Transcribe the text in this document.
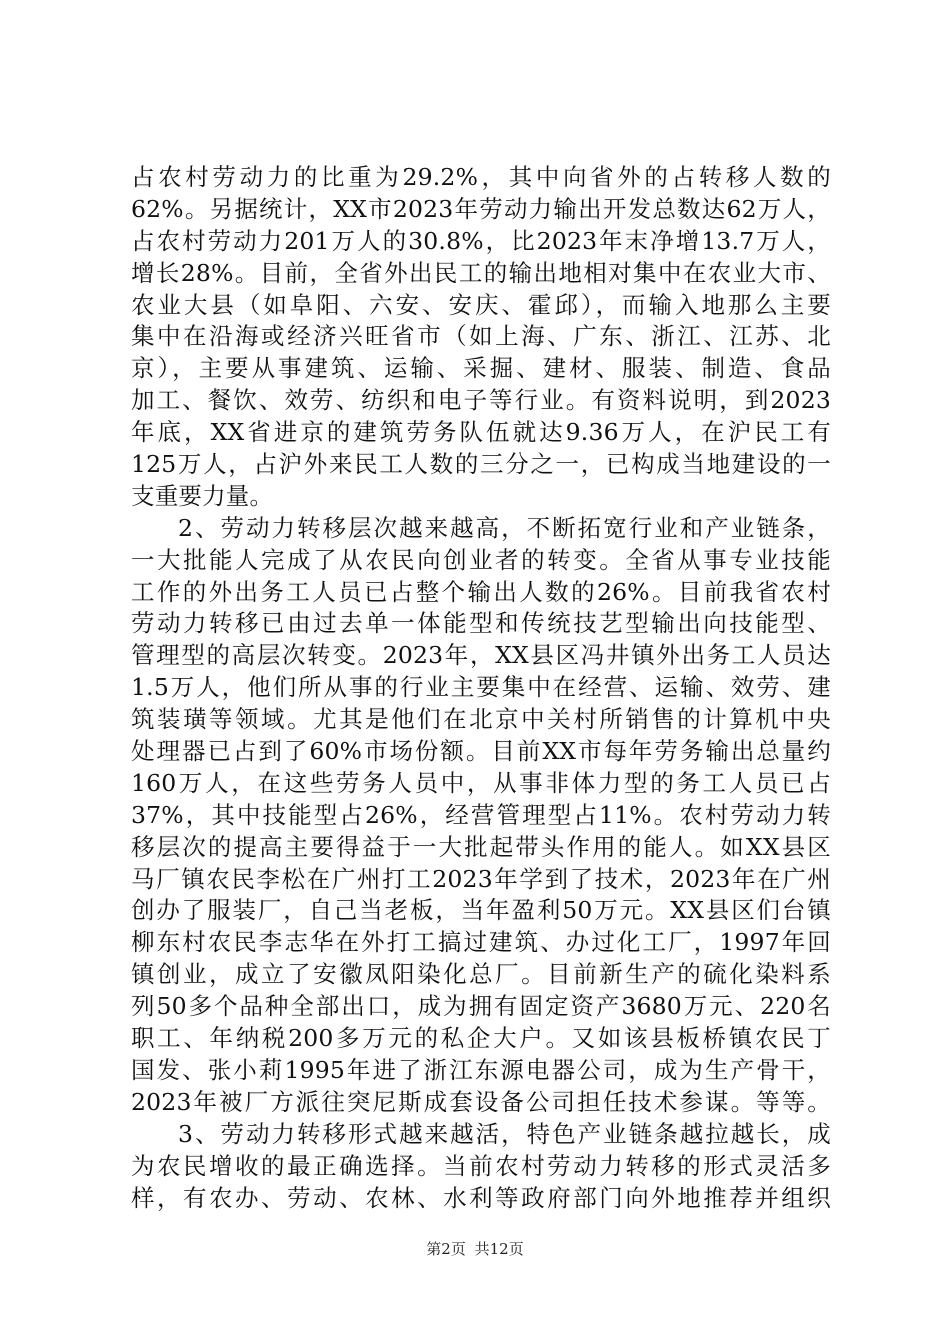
占农村劳动力的比重为29.2%，其中向省外的占转移人数的
62%。另据统计，XX市2023年劳动力输出开发总数达62万人，
占农村劳动力201万人的30.8%，比2023年末净增13.7万人，
增长28%。目前，全省外出民工的输出地相对集中在农业大市、
农业大县（如阜阳、六安、安庆、霍邱），而输入地那么主要
集中在沿海或经济兴旺省市（如上海、广东、浙江、江苏、北
京），主要从事建筑、运输、采掘、建材、服装、制造、食品
加工、餐饮、效劳、纺织和电子等行业。有资料说明，到2023
年底，XX省进京的建筑劳务队伍就达9.36万人，在沪民工有
125万人，占沪外来民工人数的三分之一，已构成当地建设的一
支重要力量。
2、劳动力转移层次越来越高，不断拓宽行业和产业链条，
一大批能人完成了从农民向创业者的转变。全省从事专业技能
工作的外出务工人员已占整个输出人数的26%。目前我省农村
劳动力转移已由过去单一体能型和传统技艺型输出向技能型、
管理型的高层次转变。2023年，XX县区冯井镇外出务工人员达
1.5万人，他们所从事的行业主要集中在经营、运输、效劳、建
筑装璜等领域。尤其是他们在北京中关村所销售的计算机中央
处理器已占到了60%市场份额。目前XX市每年劳务输出总量约
160万人，在这些劳务人员中，从事非体力型的务工人员已占
37%，其中技能型占26%，经营管理型占11%。农村劳动力转
移层次的提高主要得益于一大批起带头作用的能人。如XX县区
马厂镇农民李松在广州打工2023年学到了技术，2023年在广州
创办了服装厂，自己当老板，当年盈利50万元。XX县区们台镇
柳东村农民李志华在外打工搞过建筑、办过化工厂，1997年回
镇创业，成立了安徽凤阳染化总厂。目前新生产的硫化染料系
列50多个品种全部出口，成为拥有固定资产3680万元、220名
职工、年纳税200多万元的私企大户。又如该县板桥镇农民丁
国发、张小莉1995年进了浙江东源电器公司，成为生产骨干，
2023年被厂方派往突尼斯成套设备公司担任技术参谋。等等。
3、劳动力转移形式越来越活，特色产业链条越拉越长，成
为农民增收的最正确选择。当前农村劳动力转移的形式灵活多
样，有农办、劳动、农林、水利等政府部门向外地推荐并组织
第2页 共12页
